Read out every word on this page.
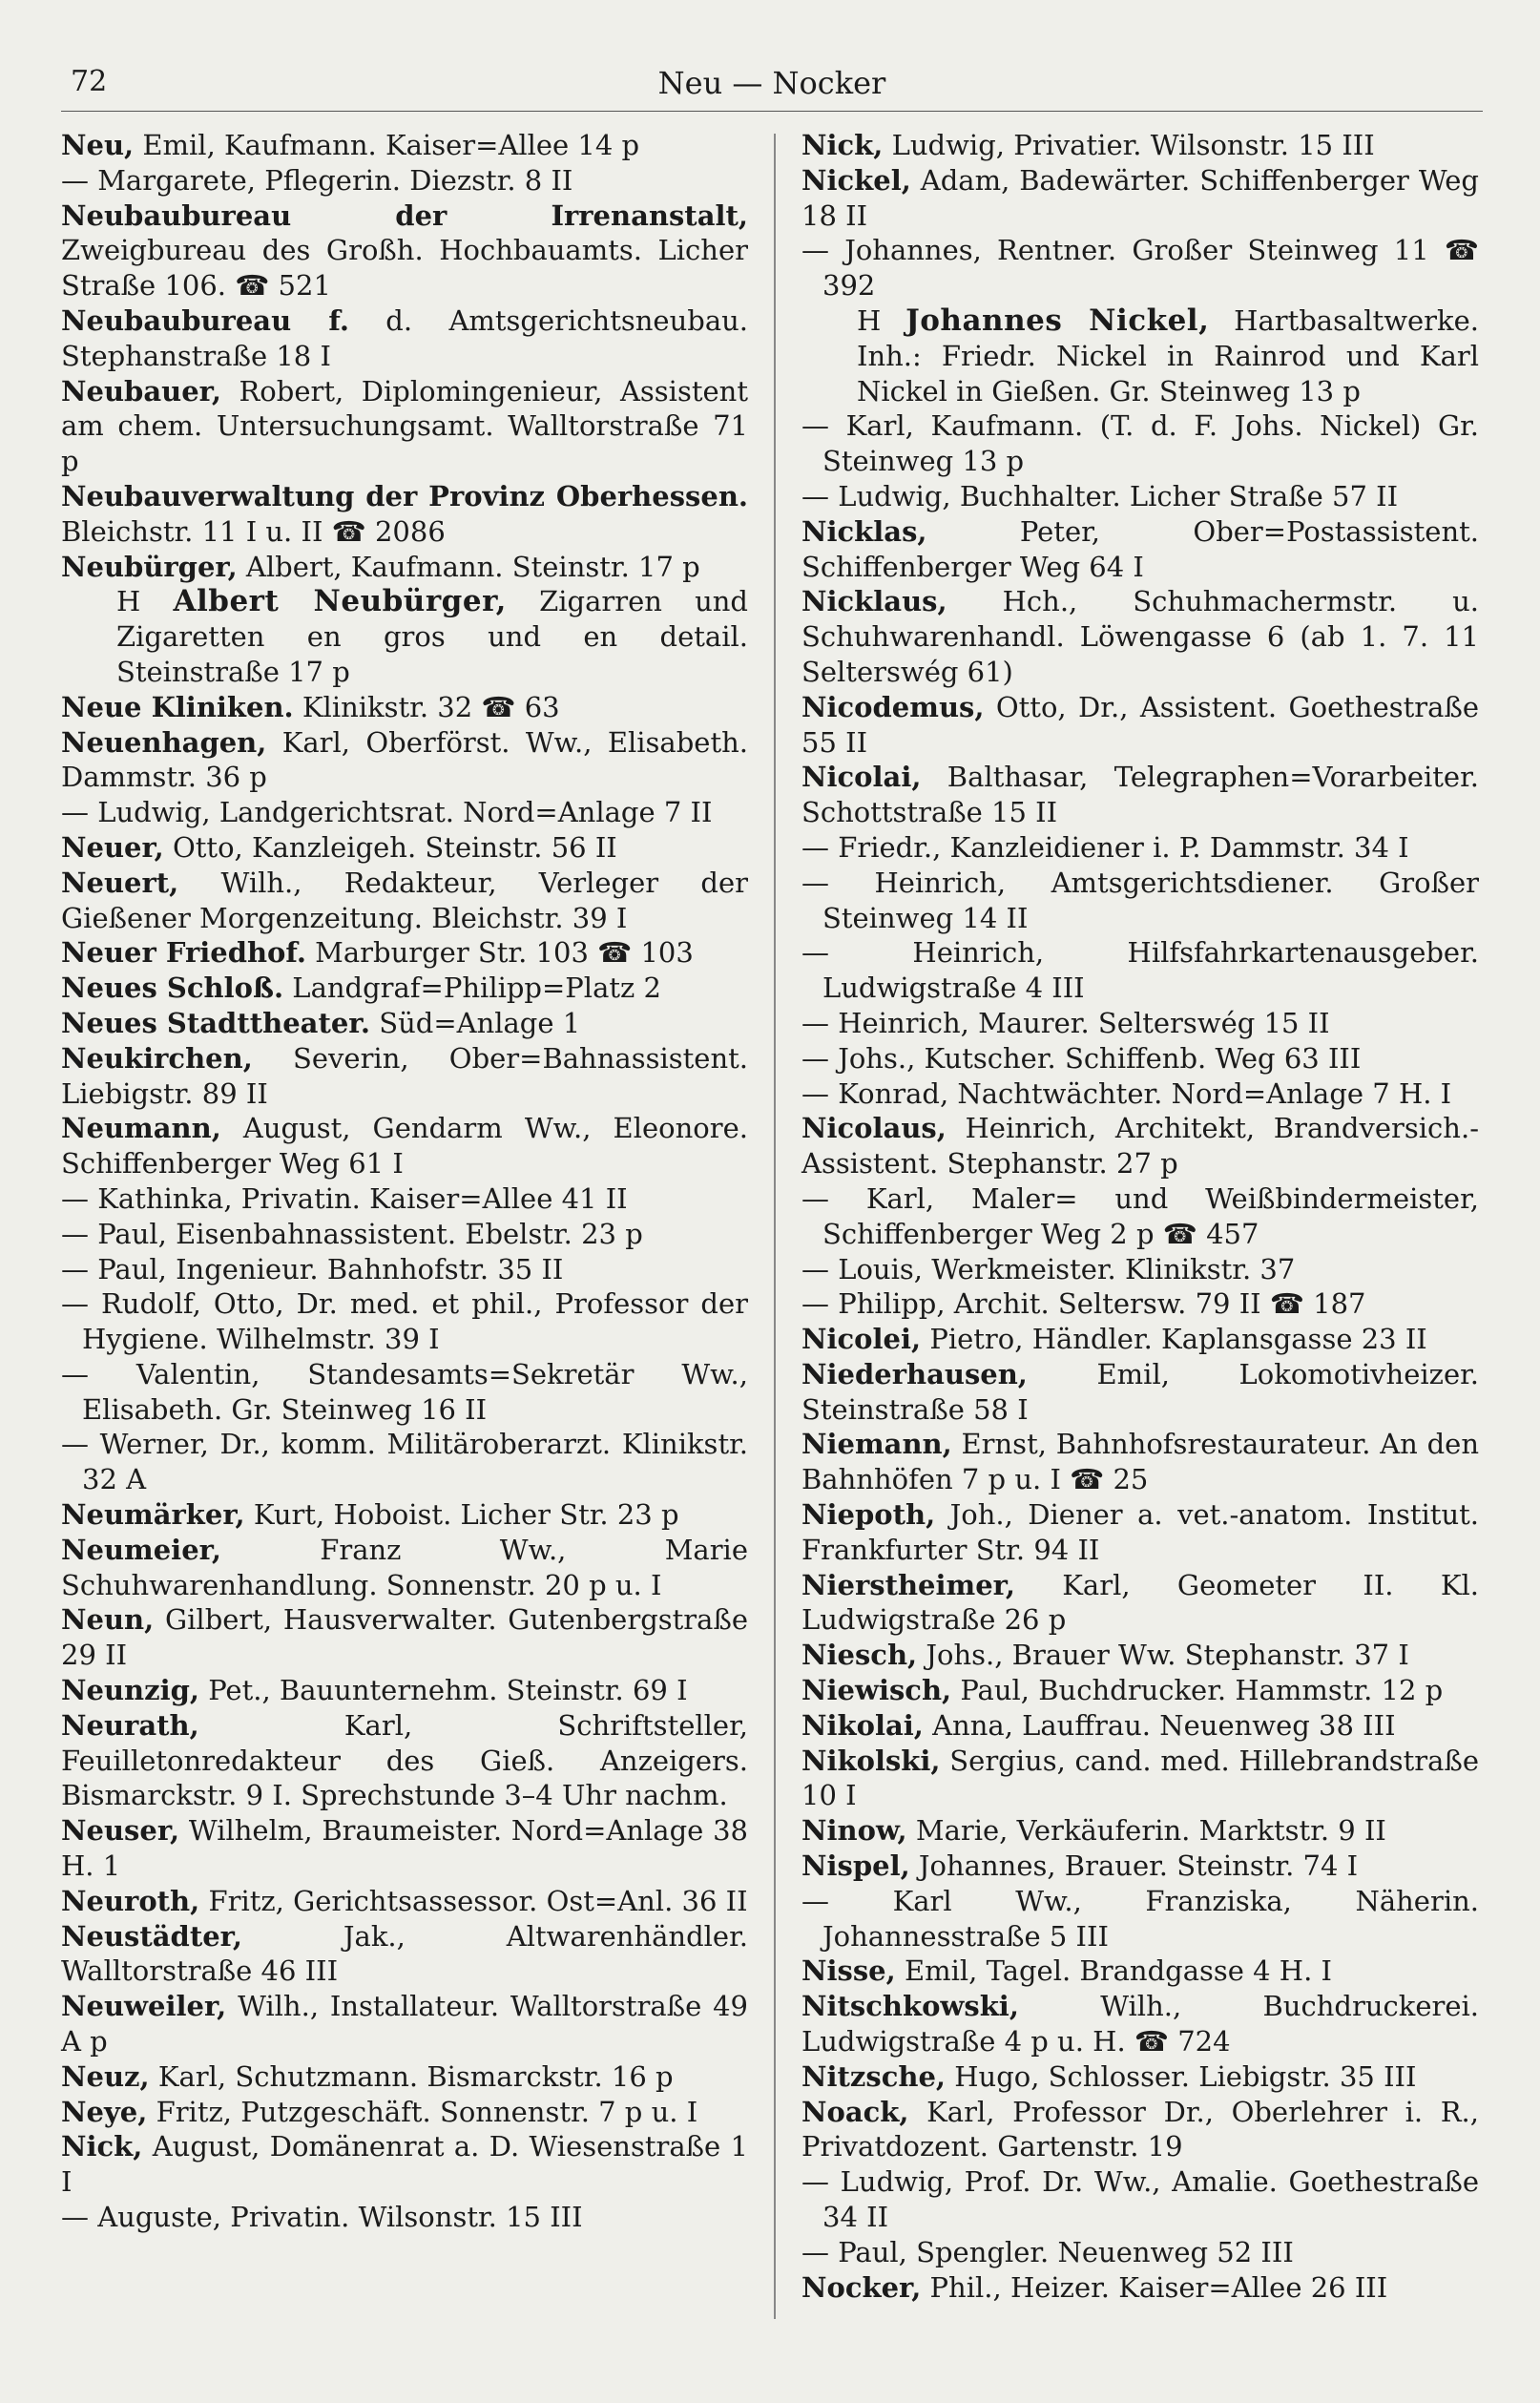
72	Neu — Nocker
Neu, Emil, Kaufmann. Kaiser=Allee 14 p
— Margarete, Pflegerin. Diezstr. 8 II
Neubaubureau der Irrenanstalt, Zweigbureau des Großh. Hochbauamts. Licher Straße 106. ☎ 521
Neubaubureau f. d. Amtsgerichtsneubau. Stephanstraße 18 I
Neubauer, Robert, Diplomingenieur, Assistent am chem. Untersuchungsamt. Walltorstraße 71 p
Neubauverwaltung der Provinz Oberhessen. Bleichstr. 11 I u. II ☎ 2086
Neubürger, Albert, Kaufmann. Steinstr. 17 p
H Albert Neubürger, Zigarren und Zigaretten en gros und en detail. Steinstraße 17 p
Neue Kliniken. Klinikstr. 32 ☎ 63
Neuenhagen, Karl, Oberförst. Ww., Elisabeth. Dammstr. 36 p
— Ludwig, Landgerichtsrat. Nord=Anlage 7 II
Neuer, Otto, Kanzleigeh. Steinstr. 56 II
Neuert, Wilh., Redakteur, Verleger der Gießener Morgenzeitung. Bleichstr. 39 I
Neuer Friedhof. Marburger Str. 103 ☎ 103
Neues Schloß. Landgraf=Philipp=Platz 2
Neues Stadttheater. Süd=Anlage 1
Neukirchen, Severin, Ober=Bahnassistent. Liebigstr. 89 II
Neumann, August, Gendarm Ww., Eleonore. Schiffenberger Weg 61 I
— Kathinka, Privatin. Kaiser=Allee 41 II
— Paul, Eisenbahnassistent. Ebelstr. 23 p
— Paul, Ingenieur. Bahnhofstr. 35 II
— Rudolf, Otto, Dr. med. et phil., Professor der Hygiene. Wilhelmstr. 39 I
— Valentin, Standesamts=Sekretär Ww., Elisabeth. Gr. Steinweg 16 II
— Werner, Dr., komm. Militäroberarzt. Klinikstr. 32 A
Neumärker, Kurt, Hoboist. Licher Str. 23 p
Neumeier, Franz Ww., Marie Schuhwarenhandlung. Sonnenstr. 20 p u. I
Neun, Gilbert, Hausverwalter. Gutenbergstraße 29 II
Neunzig, Pet., Bauunternehm. Steinstr. 69 I
Neurath, Karl, Schriftsteller, Feuilletonredakteur des Gieß. Anzeigers. Bismarckstr. 9 I. Sprechstunde 3–4 Uhr nachm.
Neuser, Wilhelm, Braumeister. Nord=Anlage 38 H. 1
Neuroth, Fritz, Gerichtsassessor. Ost=Anl. 36 II
Neustädter, Jak., Altwarenhändler. Walltorstraße 46 III
Neuweiler, Wilh., Installateur. Walltorstraße 49 A p
Neuz, Karl, Schutzmann. Bismarckstr. 16 p
Neye, Fritz, Putzgeschäft. Sonnenstr. 7 p u. I
Nick, August, Domänenrat a. D. Wiesenstraße 1 I
— Auguste, Privatin. Wilsonstr. 15 III
Nick, Ludwig, Privatier. Wilsonstr. 15 III
Nickel, Adam, Badewärter. Schiffenberger Weg 18 II
— Johannes, Rentner. Großer Steinweg 11 ☎ 392
H Johannes Nickel, Hartbasaltwerke. Inh.: Friedr. Nickel in Rainrod und Karl Nickel in Gießen. Gr. Steinweg 13 p
— Karl, Kaufmann. (T. d. F. Johs. Nickel) Gr. Steinweg 13 p
— Ludwig, Buchhalter. Licher Straße 57 II
Nicklas, Peter, Ober=Postassistent. Schiffenberger Weg 64 I
Nicklaus, Hch., Schuhmachermstr. u. Schuhwarenhandl. Löwengasse 6 (ab 1. 7. 11 Selterswég 61)
Nicodemus, Otto, Dr., Assistent. Goethestraße 55 II
Nicolai, Balthasar, Telegraphen=Vorarbeiter. Schottstraße 15 II
— Friedr., Kanzleidiener i. P. Dammstr. 34 I
— Heinrich, Amtsgerichtsdiener. Großer Steinweg 14 II
— Heinrich, Hilfsfahrkartenausgeber. Ludwigstraße 4 III
— Heinrich, Maurer. Selterswég 15 II
— Johs., Kutscher. Schiffenb. Weg 63 III
— Konrad, Nachtwächter. Nord=Anlage 7 H. I
Nicolaus, Heinrich, Architekt, Brandversich.-Assistent. Stephanstr. 27 p
— Karl, Maler= und Weißbindermeister, Schiffenberger Weg 2 p ☎ 457
— Louis, Werkmeister. Klinikstr. 37
— Philipp, Archit. Seltersw. 79 II ☎ 187
Nicolei, Pietro, Händler. Kaplansgasse 23 II
Niederhausen, Emil, Lokomotivheizer. Steinstraße 58 I
Niemann, Ernst, Bahnhofsrestaurateur. An den Bahnhöfen 7 p u. I ☎ 25
Niepoth, Joh., Diener a. vet.-anatom. Institut. Frankfurter Str. 94 II
Nierstheimer, Karl, Geometer II. Kl. Ludwigstraße 26 p
Niesch, Johs., Brauer Ww. Stephanstr. 37 I
Niewisch, Paul, Buchdrucker. Hammstr. 12 p
Nikolai, Anna, Lauffrau. Neuenweg 38 III
Nikolski, Sergius, cand. med. Hillebrandstraße 10 I
Ninow, Marie, Verkäuferin. Marktstr. 9 II
Nispel, Johannes, Brauer. Steinstr. 74 I
— Karl Ww., Franziska, Näherin. Johannesstraße 5 III
Nisse, Emil, Tagel. Brandgasse 4 H. I
Nitschkowski, Wilh., Buchdruckerei. Ludwigstraße 4 p u. H. ☎ 724
Nitzsche, Hugo, Schlosser. Liebigstr. 35 III
Noack, Karl, Professor Dr., Oberlehrer i. R., Privatdozent. Gartenstr. 19
— Ludwig, Prof. Dr. Ww., Amalie. Goethestraße 34 II
— Paul, Spengler. Neuenweg 52 III
Nocker, Phil., Heizer. Kaiser=Allee 26 III
